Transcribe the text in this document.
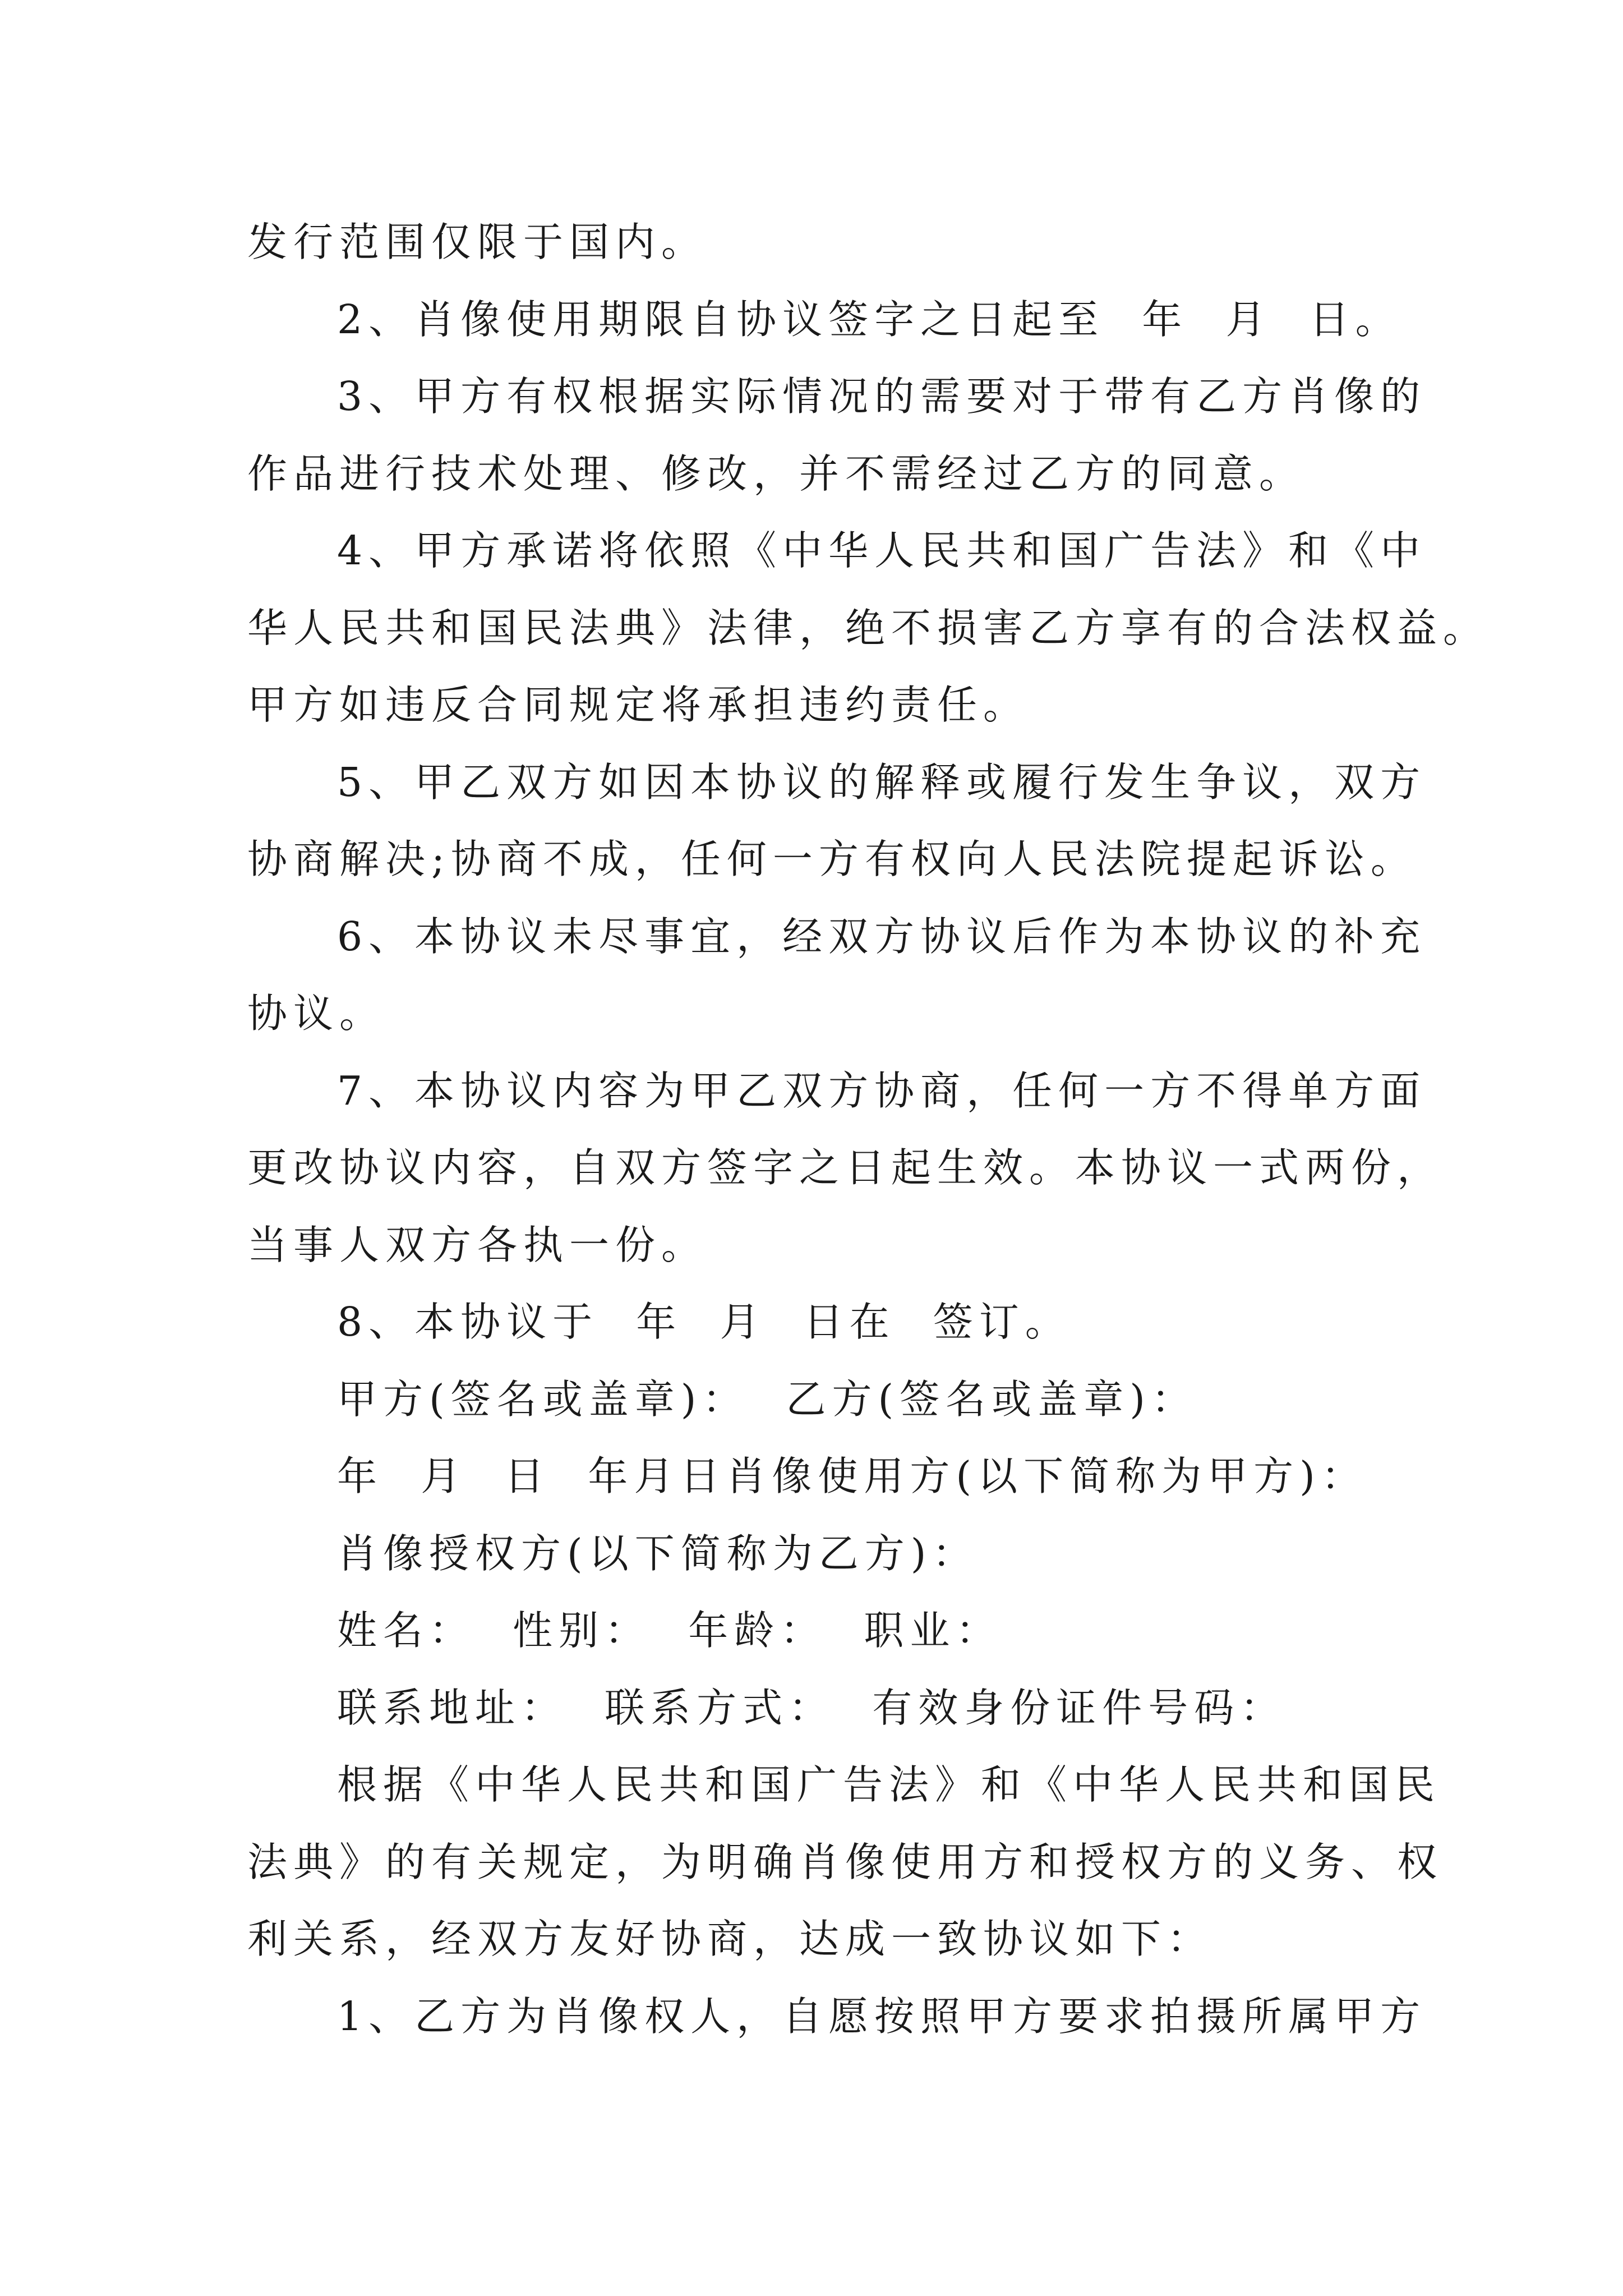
发行范围仅限于国内。
2、肖像使用期限自协议签字之日起至  年  月  日。
3、甲方有权根据实际情况的需要对于带有乙方肖像的
作品进行技术处理、修改，并不需经过乙方的同意。
4、甲方承诺将依照《中华人民共和国广告法》和《中
华人民共和国民法典》法律，绝不损害乙方享有的合法权益。
甲方如违反合同规定将承担违约责任。
5、甲乙双方如因本协议的解释或履行发生争议，双方
协商解决;协商不成，任何一方有权向人民法院提起诉讼。
6、本协议未尽事宜，经双方协议后作为本协议的补充
协议。
7、本协议内容为甲乙双方协商，任何一方不得单方面
更改协议内容，自双方签字之日起生效。本协议一式两份，
当事人双方各执一份。
8、本协议于  年  月  日在  签订。
甲方(签名或盖章)：  乙方(签名或盖章)：
年  月  日  年月日肖像使用方(以下简称为甲方)：
肖像授权方(以下简称为乙方)：
姓名：  性别：  年龄：  职业：
联系地址：  联系方式：  有效身份证件号码：
根据《中华人民共和国广告法》和《中华人民共和国民
法典》的有关规定，为明确肖像使用方和授权方的义务、权
利关系，经双方友好协商，达成一致协议如下：
1、乙方为肖像权人，自愿按照甲方要求拍摄所属甲方
